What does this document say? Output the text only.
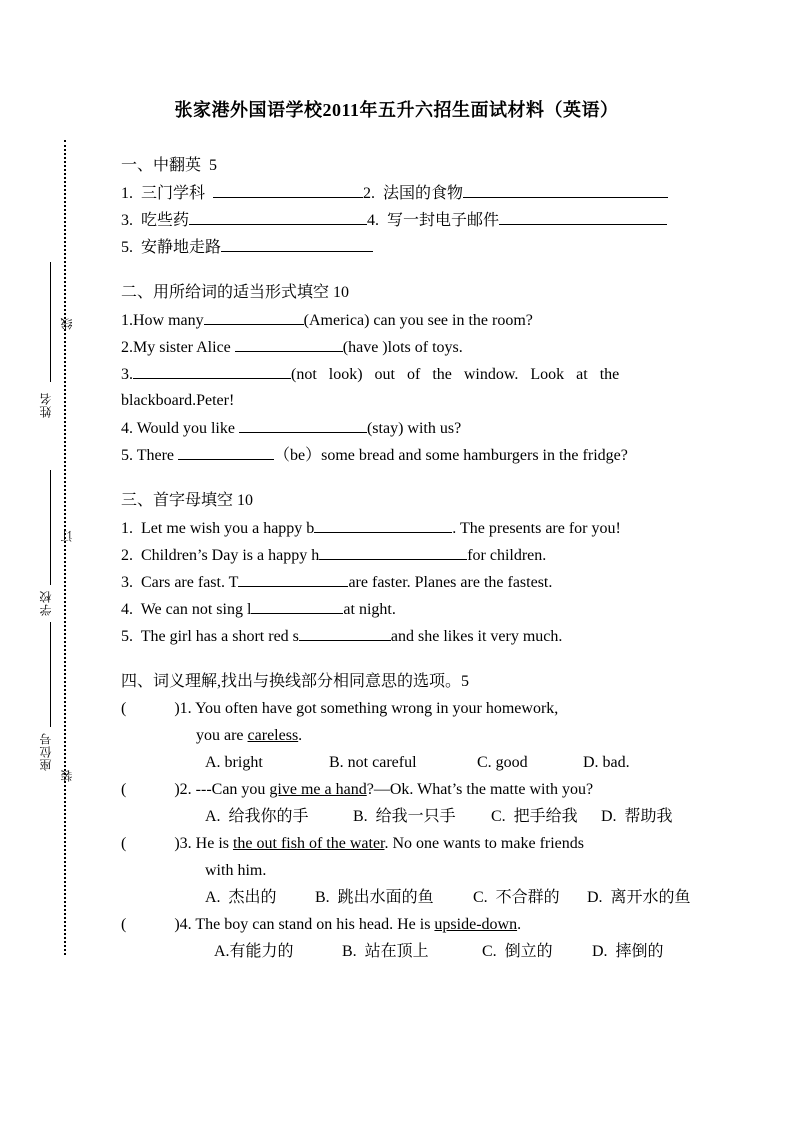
姓名
学校
座位号
线
订
装
张家港外国语学校2011年五升六招生面试材料（英语）
一、中翻英  5
1.  三门学科	2.  法国的食物
3.  吃些药	4.  写一封电子邮件
5.  安静地走路
二、用所给词的适当形式填空 10
1.How many	(America) can you see in the room?
2.My sister Alice	(have )lots of toys.
3.	(not   look)   out   of   the   window.   Look   at   the
blackboard.Peter!
4. Would you like	(stay) with us?
5. There	（be）some bread and some hamburgers in the fridge?
三、首字母填空 10
1.  Let me wish you a happy b	. The presents are for you!
2.  Children’s Day is a happy h	for children.
3.  Cars are fast. T	are faster. Planes are the fastest.
4.  We can not sing l	at night.
5.  The girl has a short red s	and she likes it very much.
四、词义理解,找出与换线部分相同意思的选项。5
(	)1. You often have got something wrong in your homework,
you are careless.
A. bright	B. not careful	C. good	D. bad.
(	)2. ---Can you give me a hand?—Ok. What’s the matte with you?
A.  给我你的手	B.  给我一只手 C.  把手给我 D.  帮助我
(	)3. He is the out fish of the water. No one wants to make friends
with him.
A.  杰出的 B.  跳出水面的鱼 C.  不合群的 D.  离开水的鱼
(	)4. The boy can stand on his head. He is upside-down.
A.有能力的	B.  站在顶上	C.  倒立的 D.  摔倒的
